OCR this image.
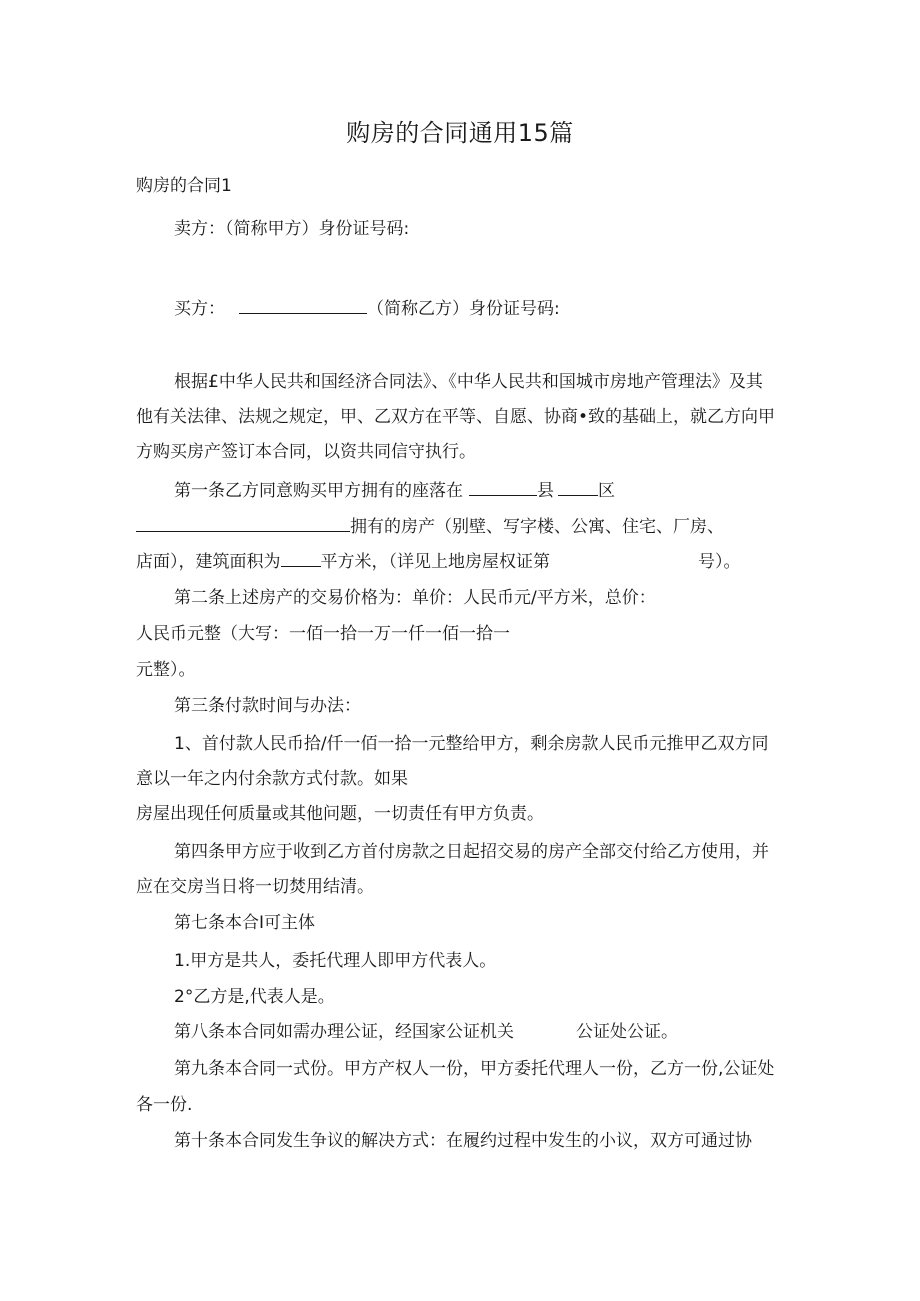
购房的合同通用15篇
购房的合同1
卖方：（简称甲方）身份证号码:
买方：	（简称乙方）身份证号码:
根据£中华人民共和国经济合同法》、《中华人民共和国城市房地产管理法》及其
他有关法律、法规之规定，甲、乙双方在平等、自愿、协商•致的基础上，就乙方向甲
方购买房产签订本合同，以资共同信守执行。
第一条乙方同意购买甲方拥有的座落在	县	区
拥有的房产（别壁、写字楼、公寓、住宅、厂房、
店面），建筑面积为 平方米，（详见上地房屋权证第	号）。
第二条上述房产的交易价格为：单价：人民币元/平方米，总价：
人民币元整（大写：一佰一拾一万一仟一佰一拾一
元整）。
第三条付款时间与办法：
1、首付款人民币拾/仟一佰一拾一元整给甲方，剩余房款人民币元推甲乙双方同
意以一年之内付余款方式付款。如果
房屋出现任何质量或其他问题，一切责任有甲方负责。
第四条甲方应于收到乙方首付房款之日起招交易的房产全部交付给乙方使用，并
应在交房当日将一切焚用结清。
第七条本合I可主体
1.甲方是共人，委托代理人即甲方代表人。
2°乙方是,代表人是。
第八条本合同如需办理公证，经国家公证机关	公证处公证。
第九条本合同一式份。甲方产权人一份，甲方委托代理人一份，乙方一份,公证处
各一份.
第十条本合同发生争议的解决方式：在履约过程中发生的小议，双方可通过协
